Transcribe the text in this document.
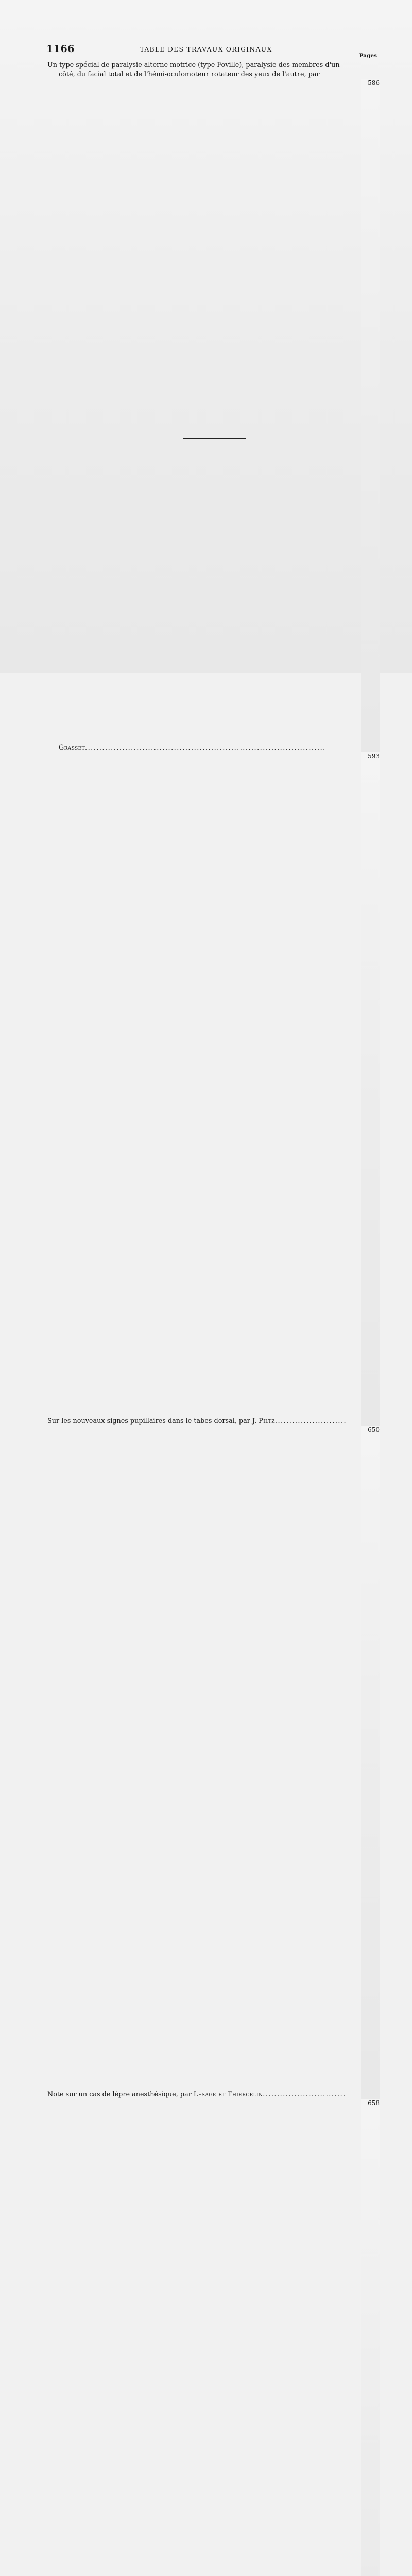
1166	TABLE DES TRAVAUX ORIGINAUX
Pages
Un type spécial de paralysie alterne motrice (type Foville), paralysie des membres d'un
côté, du facial total et de l'hémi-oculomoteur rotateur des yeux de l'autre, par
Grasset....................................................................................
586
Sur les nouveaux signes pupillaires dans le tabes dorsal, par J. Piltz.........................
593
Note sur un cas de lèpre anesthésique, par Lesage et Thiercelin.............................
650
658
